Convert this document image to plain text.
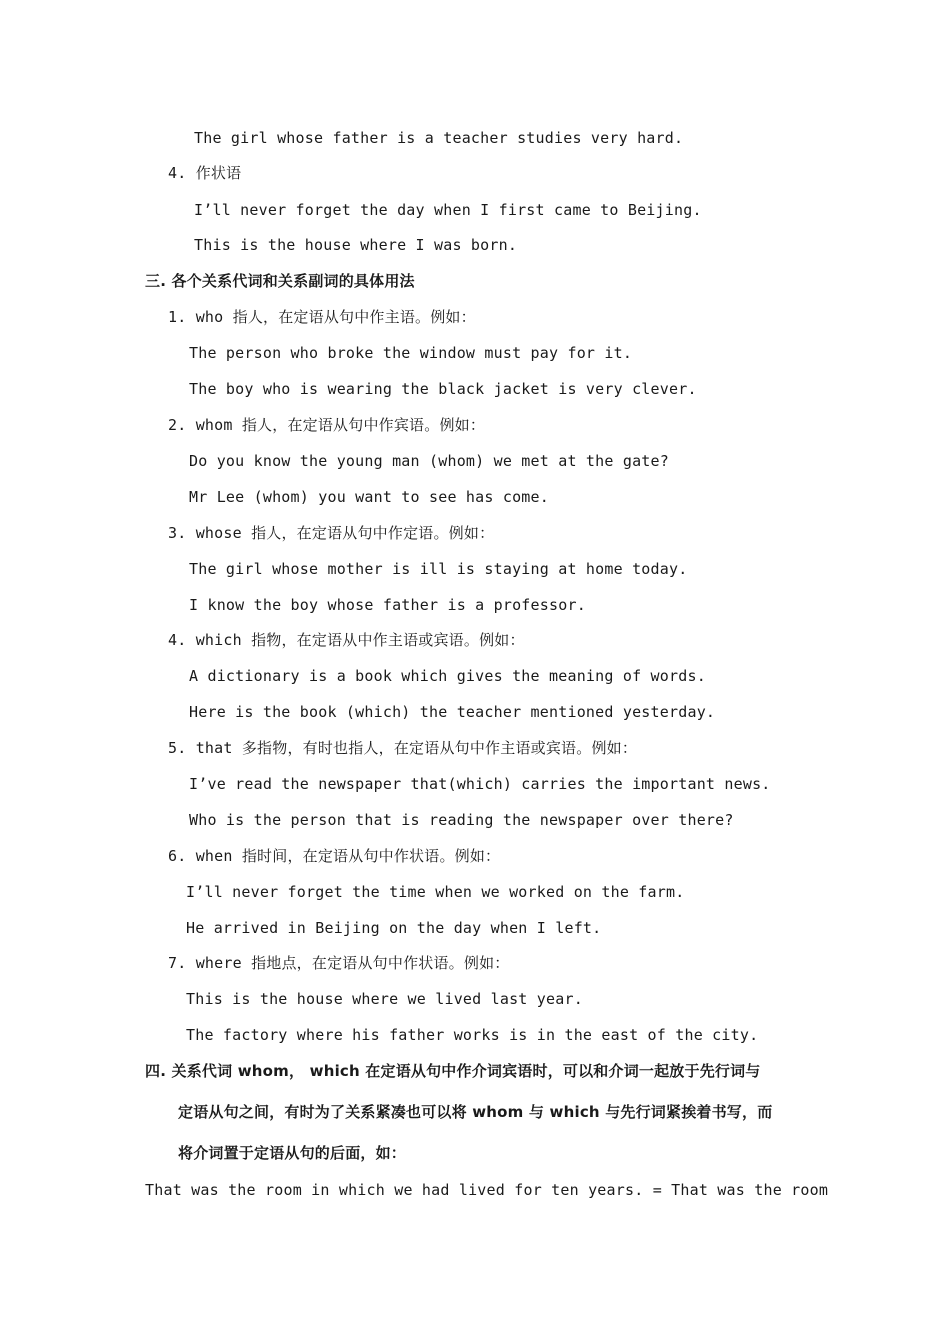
The girl whose father is a teacher studies very hard.
4. 作状语
I’ll never forget the day when I first came to Beijing.
This is the house where I was born.
三. 各个关系代词和关系副词的具体用法
1. who 指人，在定语从句中作主语。例如：
The person who broke the window must pay for it.
The boy who is wearing the black jacket is very clever.
2. whom 指人，在定语从句中作宾语。例如：
Do you know the young man (whom) we met at the gate?
Mr Lee (whom) you want to see has come.
3. whose 指人，在定语从句中作定语。例如：
The girl whose mother is ill is staying at home today.
I know the boy whose father is a professor.
4. which 指物，在定语从中作主语或宾语。例如：
A dictionary is a book which gives the meaning of words.
Here is the book (which) the teacher mentioned yesterday.
5. that 多指物，有时也指人，在定语从句中作主语或宾语。例如：
I’ve read the newspaper that(which) carries the important news.
Who is the person that is reading the newspaper over there?
6. when 指时间，在定语从句中作状语。例如：
I’ll never forget the time when we worked on the farm.
He arrived in Beijing on the day when I left.
7. where 指地点，在定语从句中作状语。例如：
This is the house where we lived last year.
The factory where his father works is in the east of the city.
四. 关系代词 whom， which 在定语从句中作介词宾语时，可以和介词一起放于先行词与
定语从句之间，有时为了关系紧凑也可以将 whom 与 which 与先行词紧挨着书写，而
将介词置于定语从句的后面，如：
That was the room in which we had lived for ten years. = That was the room
